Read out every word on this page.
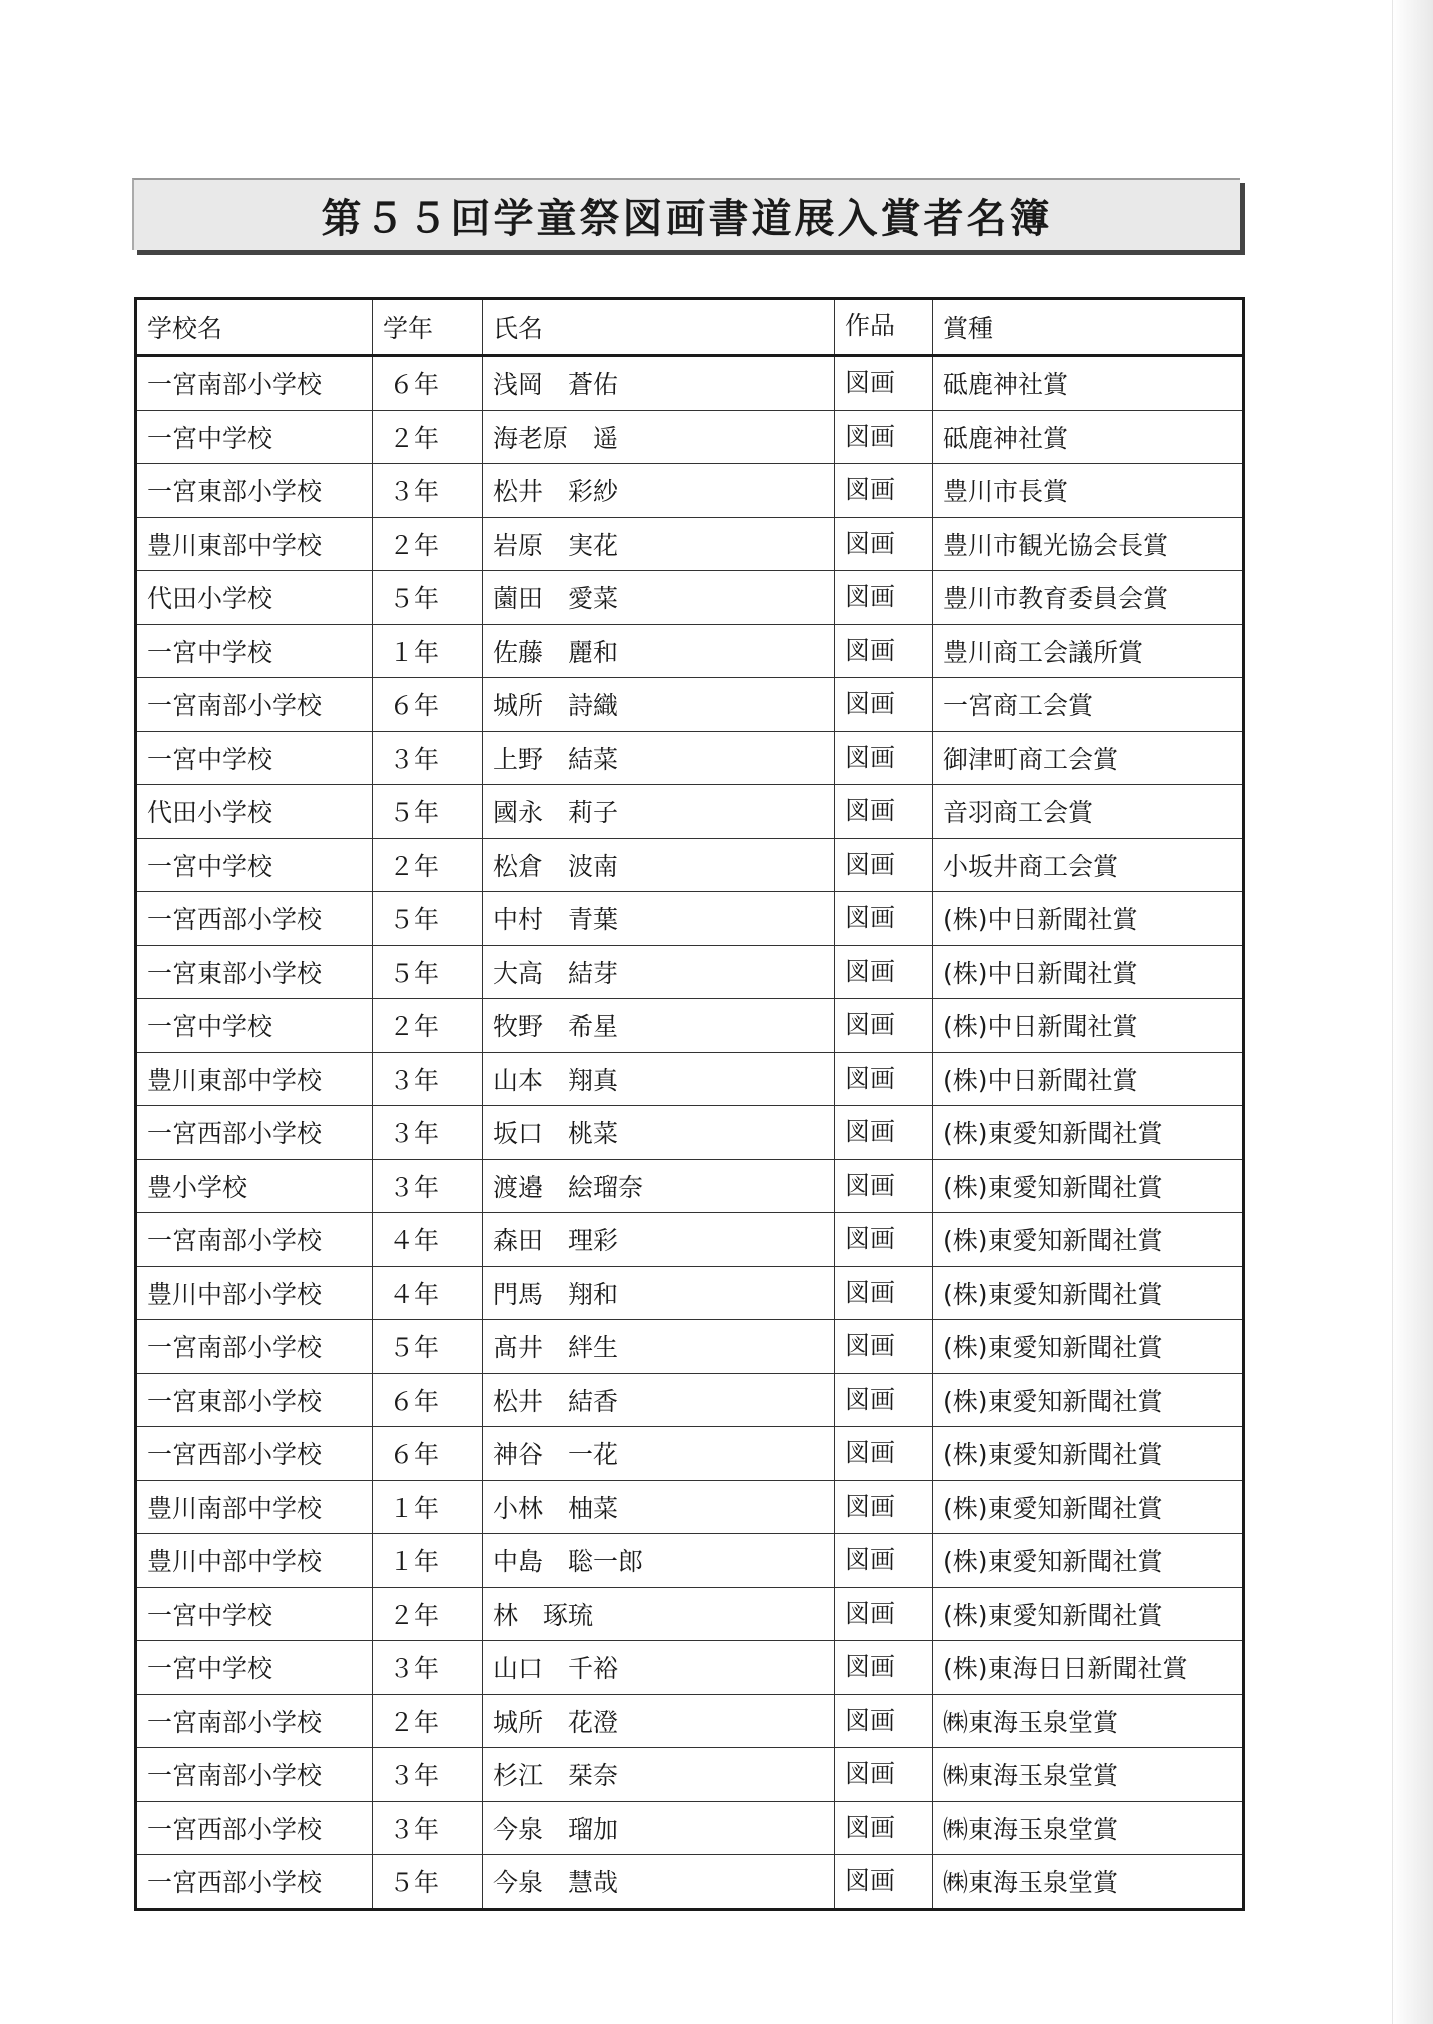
第５５回学童祭図画書道展入賞者名簿
学校名	学年	氏名	作品	賞種
一宮南部小学校	６年	浅岡　蒼佑	図画	砥鹿神社賞
一宮中学校	２年	海老原　遥	図画	砥鹿神社賞
一宮東部小学校	３年	松井　彩紗	図画	豊川市長賞
豊川東部中学校	２年	岩原　実花	図画	豊川市観光協会長賞
代田小学校	５年	薗田　愛菜	図画	豊川市教育委員会賞
一宮中学校	１年	佐藤　麗和	図画	豊川商工会議所賞
一宮南部小学校	６年	城所　詩織	図画	一宮商工会賞
一宮中学校	３年	上野　結菜	図画	御津町商工会賞
代田小学校	５年	國永　莉子	図画	音羽商工会賞
一宮中学校	２年	松倉　波南	図画	小坂井商工会賞
一宮西部小学校	５年	中村　青葉	図画	(株)中日新聞社賞
一宮東部小学校	５年	大高　結芽	図画	(株)中日新聞社賞
一宮中学校	２年	牧野　希星	図画	(株)中日新聞社賞
豊川東部中学校	３年	山本　翔真	図画	(株)中日新聞社賞
一宮西部小学校	３年	坂口　桃菜	図画	(株)東愛知新聞社賞
豊小学校	３年	渡邉　絵瑠奈	図画	(株)東愛知新聞社賞
一宮南部小学校	４年	森田　理彩	図画	(株)東愛知新聞社賞
豊川中部小学校	４年	門馬　翔和	図画	(株)東愛知新聞社賞
一宮南部小学校	５年	髙井　絆生	図画	(株)東愛知新聞社賞
一宮東部小学校	６年	松井　結香	図画	(株)東愛知新聞社賞
一宮西部小学校	６年	神谷　一花	図画	(株)東愛知新聞社賞
豊川南部中学校	１年	小林　柚菜	図画	(株)東愛知新聞社賞
豊川中部中学校	１年	中島　聡一郎	図画	(株)東愛知新聞社賞
一宮中学校	２年	林　琢琉	図画	(株)東愛知新聞社賞
一宮中学校	３年	山口　千裕	図画	(株)東海日日新聞社賞
一宮南部小学校	２年	城所　花澄	図画	㈱東海玉泉堂賞
一宮南部小学校	３年	杉江　栞奈	図画	㈱東海玉泉堂賞
一宮西部小学校	３年	今泉　瑠加	図画	㈱東海玉泉堂賞
一宮西部小学校	５年	今泉　慧哉	図画	㈱東海玉泉堂賞
